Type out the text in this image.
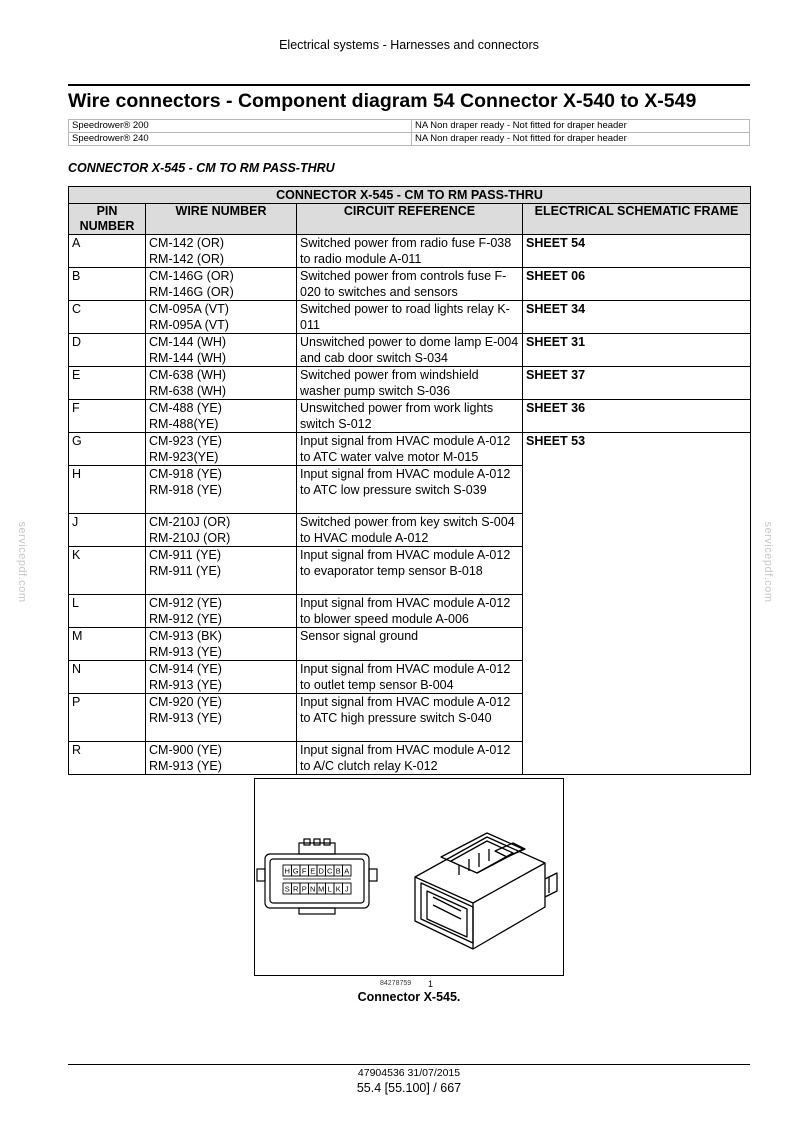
Electrical systems - Harnesses and connectors
Wire connectors - Component diagram 54 Connector X-540 to X-549
Speedrower® 200	NA Non draper ready - Not fitted for draper header
Speedrower® 240	NA Non draper ready - Not fitted for draper header
CONNECTOR X-545 - CM TO RM PASS-THRU
CONNECTOR X-545 - CM TO RM PASS-THRU			
PIN NUMBER	WIRE NUMBER	CIRCUIT REFERENCE	ELECTRICAL SCHEMATIC FRAME
A	CM-142 (OR)
RM-142 (OR)	Switched power from radio fuse F-038 to radio module A-011	SHEET 54
B	CM-146G (OR)
RM-146G (OR)	Switched power from controls fuse F-020 to switches and sensors	SHEET 06
C	CM-095A (VT)
RM-095A (VT)	Switched power to road lights relay K-011	SHEET 34
D	CM-144 (WH)
RM-144 (WH)	Unswitched power to dome lamp E-004 and cab door switch S-034	SHEET 31
E	CM-638 (WH)
RM-638 (WH)	Switched power from windshield washer pump switch S-036	SHEET 37
F	CM-488 (YE)
RM-488(YE)	Unswitched power from work lights switch S-012	SHEET 36
G	CM-923 (YE)
RM-923(YE)	Input signal from HVAC module A-012 to ATC water valve motor M-015	SHEET 53
H	CM-918 (YE)
RM-918 (YE)	Input signal from HVAC module A-012 to ATC low pressure switch S-039	
J	CM-210J (OR)
RM-210J (OR)	Switched power from key switch S-004 to HVAC module A-012	
K	CM-911 (YE)
RM-911 (YE)	Input signal from HVAC module A-012 to evaporator temp sensor B-018	
L	CM-912 (YE)
RM-912 (YE)	Input signal from HVAC module A-012 to blower speed module A-006	
M	CM-913 (BK)
RM-913 (YE)	Sensor signal ground	
N	CM-914 (YE)
RM-913 (YE)	Input signal from HVAC module A-012 to outlet temp sensor B-004	
P	CM-920 (YE)
RM-913 (YE)	Input signal from HVAC module A-012 to ATC high pressure switch S-040	
R	CM-900 (YE)
RM-913 (YE)	Input signal from HVAC module A-012 to A/C clutch relay K-012	
H G F E D C B A
S R P N M L K J
84278759 1
Connector X-545.
servicepdf.com	servicepdf.com
47904536 31/07/2015
55.4 [55.100] / 667
